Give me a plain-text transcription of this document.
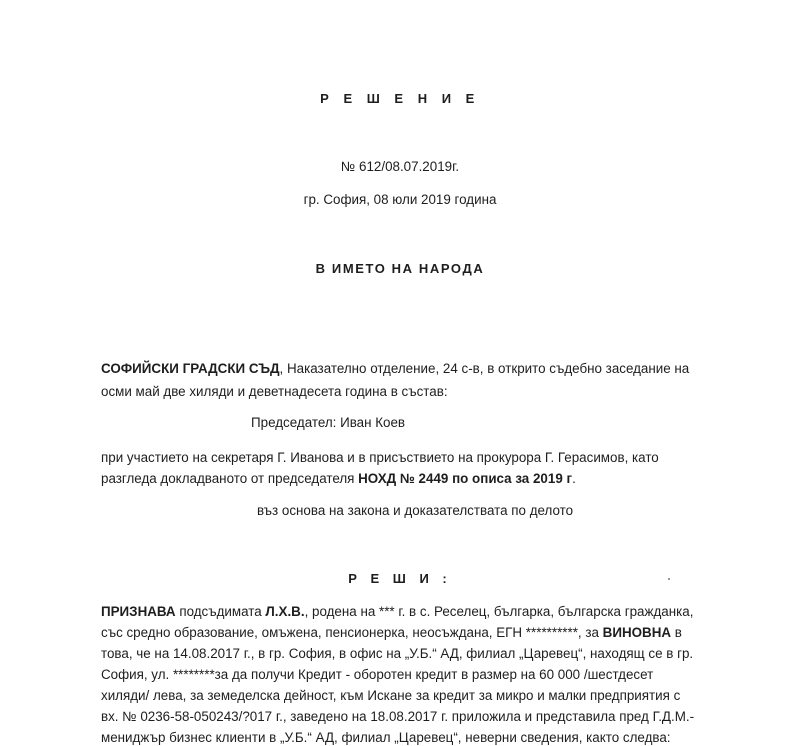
Р Е Ш Е Н И Е
№ 612/08.07.2019г.
гр. София, 08 юли 2019 година
В ИМЕТО НА НАРОДА
СОФИЙСКИ ГРАДСКИ СЪД, Наказателно отделение, 24 с-в, в открито съдебно заседание на
осми май две хиляди и деветнадесета година в състав:
Председател: Иван Коев
при участието на секретаря Г. Иванова и в присъствието на прокурора Г. Герасимов, като
разгледа докладваното от председателя НОХД № 2449 по описа за 2019 г.
въз основа на закона и доказателствата по делото
Р Е Ш И :
ПРИЗНАВА подсъдимата Л.Х.В., родена на *** г. в с. Реселец, българка, българска гражданка,
със средно образование, омъжена, пенсионерка, неосъждана, ЕГН **********, за ВИНОВНА в
това, че на 14.08.2017 г., в гр. София, в офис на „У.Б.“ АД, филиал „Царевец“, находящ се в гр.
София, ул. ********за да получи Кредит - оборотен кредит в размер на 60 000 /шестдесет
хиляди/ лева, за земеделска дейност, към Искане за кредит за микро и малки предприятия с
вх. № 0236-58-050243/?017 г., заведено на 18.08.2017 г. приложила и представила пред Г.Д.М.-
мениджър бизнес клиенти в „У.Б.“ АД, филиал „Царевец“, неверни сведения, както следва:
